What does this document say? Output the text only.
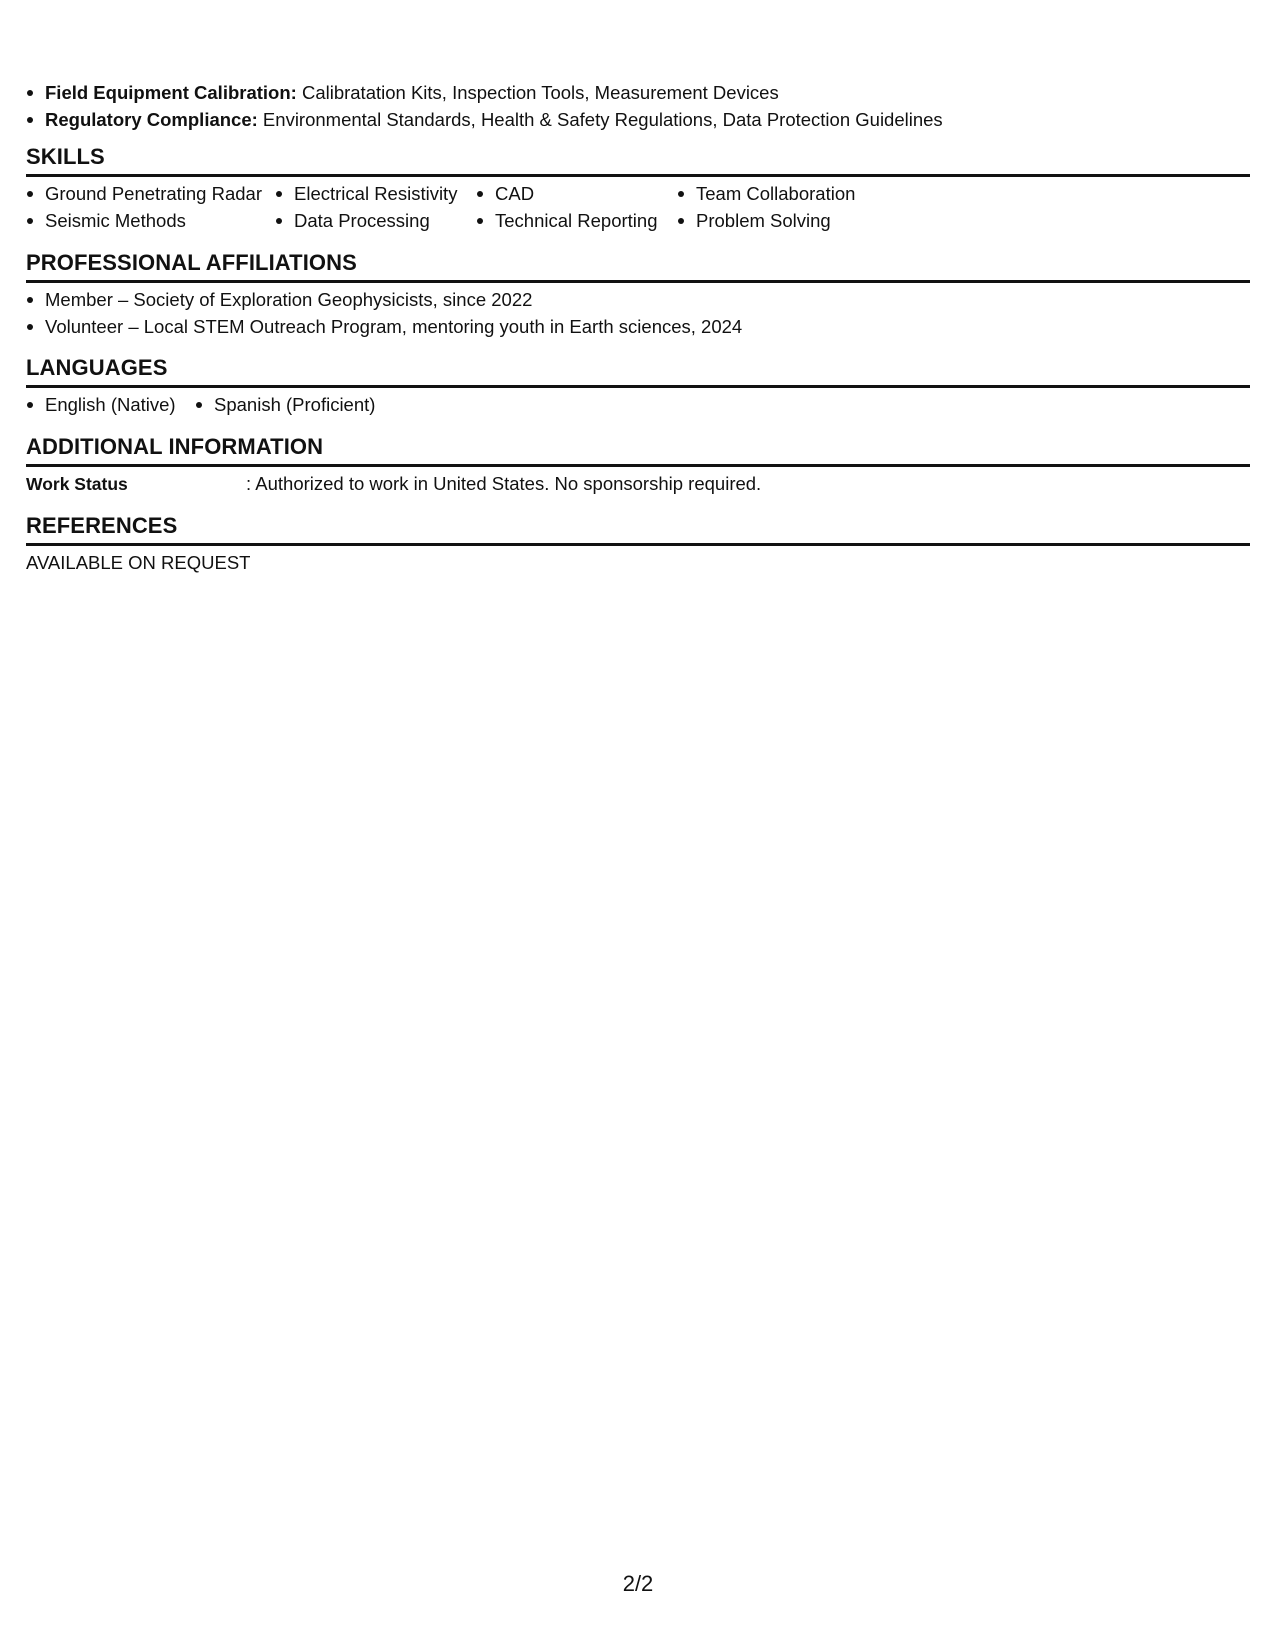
Field Equipment Calibration: Calibratation Kits, Inspection Tools, Measurement Devices
Regulatory Compliance: Environmental Standards, Health & Safety Regulations, Data Protection Guidelines
SKILLS
Ground Penetrating Radar
Seismic Methods
Electrical Resistivity
Data Processing
CAD
Technical Reporting
Team Collaboration
Problem Solving
PROFESSIONAL AFFILIATIONS
Member – Society of Exploration Geophysicists, since 2022
Volunteer – Local STEM Outreach Program, mentoring youth in Earth sciences, 2024
LANGUAGES
English (Native)	Spanish (Proficient)
ADDITIONAL INFORMATION
Work Status	: Authorized to work in United States. No sponsorship required.
REFERENCES
AVAILABLE ON REQUEST
2/2
